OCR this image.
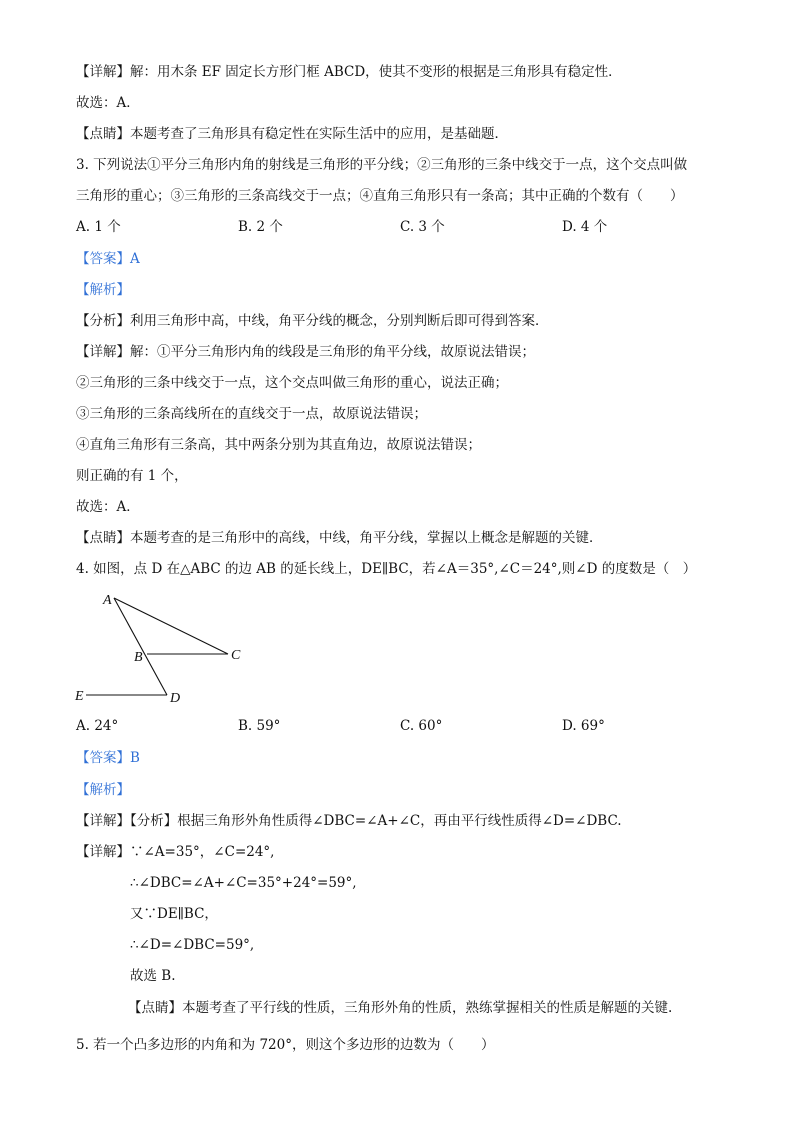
【详解】解：用木条 EF 固定长方形门框 ABCD，使其不变形的根据是三角形具有稳定性．
故选：A．
【点睛】本题考查了三角形具有稳定性在实际生活中的应用，是基础题．
3. 下列说法①平分三角形内角的射线是三角形的平分线；②三角形的三条中线交于一点，这个交点叫做
三角形的重心；③三角形的三条高线交于一点；④直角三角形只有一条高；其中正确的个数有（　　）
A. 1 个	B. 2 个	C. 3 个	D. 4 个
【答案】A
【解析】
【分析】利用三角形中高，中线，角平分线的概念，分别判断后即可得到答案．
【详解】解：①平分三角形内角的线段是三角形的角平分线，故原说法错误；
②三角形的三条中线交于一点，这个交点叫做三角形的重心，说法正确；
③三角形的三条高线所在的直线交于一点，故原说法错误；
④直角三角形有三条高，其中两条分别为其直角边，故原说法错误；
则正确的有 1 个，
故选：A．
【点睛】本题考查的是三角形中的高线，中线，角平分线，掌握以上概念是解题的关键．
4. 如图，点 D 在△ABC 的边 AB 的延长线上，DE∥BC，若∠A＝35°,∠C＝24°,则∠D 的度数是（　）
A
B	C
D
E
A. 24°	B. 59°	C. 60°	D. 69°
【答案】B
【解析】
【详解】【分析】根据三角形外角性质得∠DBC=∠A+∠C，再由平行线性质得∠D=∠DBC.
【详解】∵∠A=35°，∠C=24°,
∴∠DBC=∠A+∠C=35°+24°=59°,
又∵DE∥BC，
∴∠D=∠DBC=59°,
故选 B.
【点睛】本题考查了平行线的性质，三角形外角的性质，熟练掌握相关的性质是解题的关键.
5. 若一个凸多边形的内角和为 720°，则这个多边形的边数为（　　）
